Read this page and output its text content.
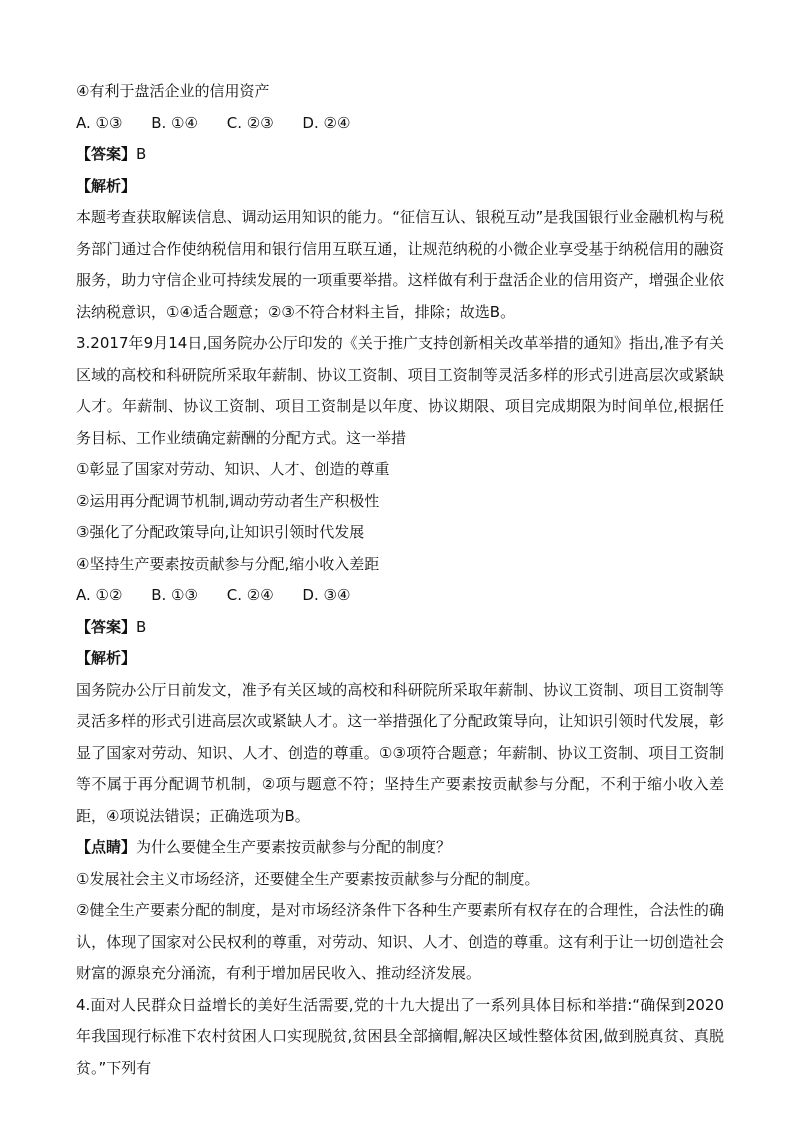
④有利于盘活企业的信用资产
A. ①③ B. ①④ C. ②③ D. ②④
【答案】B
【解析】
本题考查获取解读信息、调动运用知识的能力。“征信互认、银税互动”是我国银行业金融机构与税务部门通过合作使纳税信用和银行信用互联互通，让规范纳税的小微企业享受基于纳税信用的融资服务，助力守信企业可持续发展的一项重要举措。这样做有利于盘活企业的信用资产，增强企业依法纳税意识，①④适合题意；②③不符合材料主旨，排除；故选B。
3.2017年9月14日,国务院办公厅印发的《关于推广支持创新相关改革举措的通知》指出,准予有关区域的高校和科研院所采取年薪制、协议工资制、项目工资制等灵活多样的形式引进高层次或紧缺人才。年薪制、协议工资制、项目工资制是以年度、协议期限、项目完成期限为时间单位,根据任务目标、工作业绩确定薪酬的分配方式。这一举措
①彰显了国家对劳动、知识、人才、创造的尊重
②运用再分配调节机制,调动劳动者生产积极性
③强化了分配政策导向,让知识引领时代发展
④坚持生产要素按贡献参与分配,缩小收入差距
A. ①② B. ①③ C. ②④ D. ③④
【答案】B
【解析】
国务院办公厅日前发文，准予有关区域的高校和科研院所采取年薪制、协议工资制、项目工资制等灵活多样的形式引进高层次或紧缺人才。这一举措强化了分配政策导向，让知识引领时代发展，彰显了国家对劳动、知识、人才、创造的尊重。①③项符合题意；年薪制、协议工资制、项目工资制等不属于再分配调节机制，②项与题意不符；坚持生产要素按贡献参与分配，不利于缩小收入差距，④项说法错误；正确选项为B。
【点睛】为什么要健全生产要素按贡献参与分配的制度？
①发展社会主义市场经济，还要健全生产要素按贡献参与分配的制度。
②健全生产要素分配的制度，是对市场经济条件下各种生产要素所有权存在的合理性，合法性的确认，体现了国家对公民权利的尊重，对劳动、知识、人才、创造的尊重。这有利于让一切创造社会财富的源泉充分涌流，有利于增加居民收入、推动经济发展。
4.面对人民群众日益增长的美好生活需要,党的十九大提出了一系列具体目标和举措:“确保到2020年我国现行标准下农村贫困人口实现脱贫,贫困县全部摘帽,解决区域性整体贫困,做到脱真贫、真脱贫。”下列有
